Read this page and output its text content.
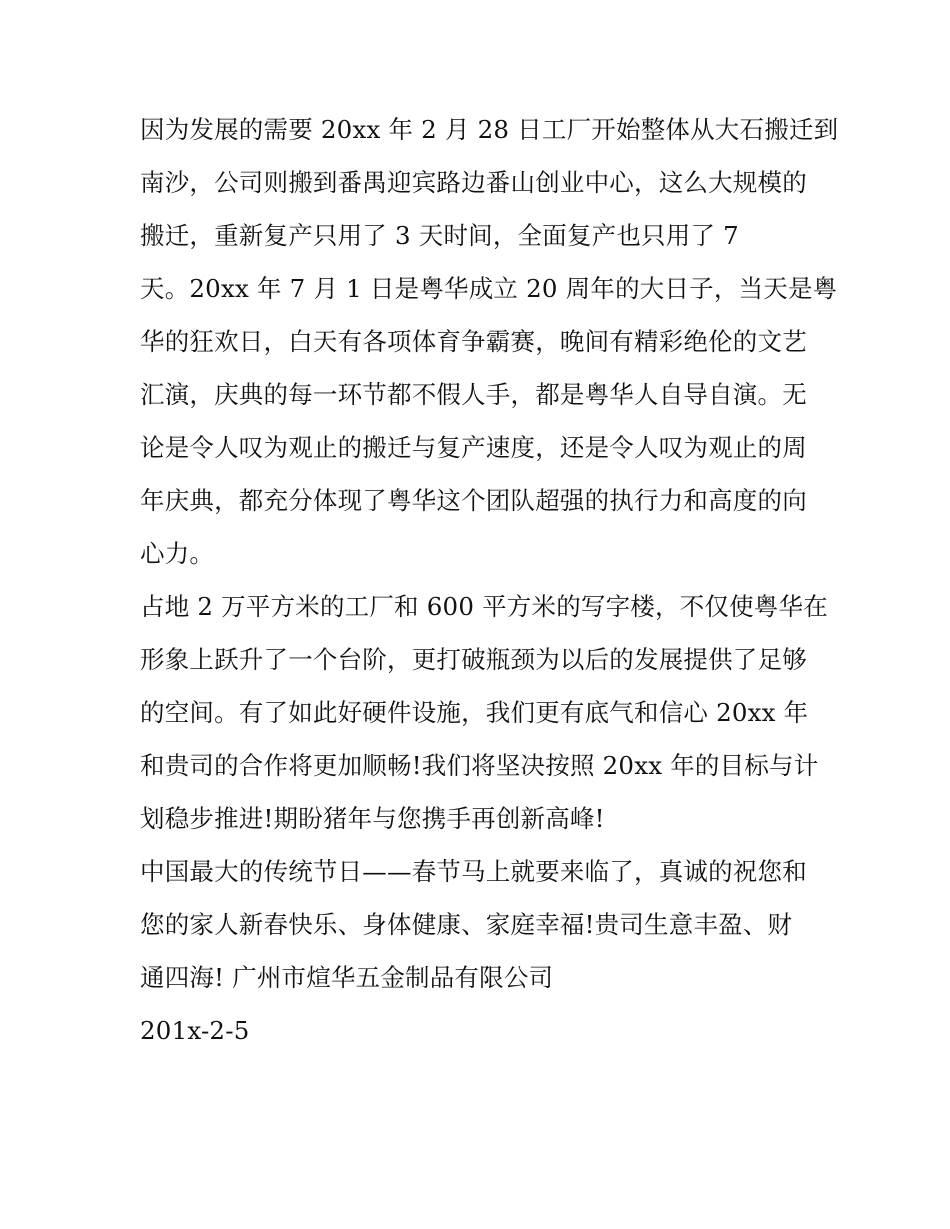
因为发展的需要 20xx 年 2 月 28 日工厂开始整体从大石搬迁到
南沙，公司则搬到番禺迎宾路边番山创业中心，这么大规模的
搬迁，重新复产只用了 3 天时间，全面复产也只用了 7
天。20xx 年 7 月 1 日是粤华成立 20 周年的大日子，当天是粤
华的狂欢日，白天有各项体育争霸赛，晚间有精彩绝伦的文艺
汇演，庆典的每一环节都不假人手，都是粤华人自导自演。无
论是令人叹为观止的搬迁与复产速度，还是令人叹为观止的周
年庆典，都充分体现了粤华这个团队超强的执行力和高度的向
心力。
占地 2 万平方米的工厂和 600 平方米的写字楼，不仅使粤华在
形象上跃升了一个台阶，更打破瓶颈为以后的发展提供了足够
的空间。有了如此好硬件设施，我们更有底气和信心 20xx 年
和贵司的合作将更加顺畅!我们将坚决按照 20xx 年的目标与计
划稳步推进!期盼猪年与您携手再创新高峰!
中国最大的传统节日——春节马上就要来临了，真诚的祝您和
您的家人新春快乐、身体健康、家庭幸福!贵司生意丰盈、财
通四海! 广州市煊华五金制品有限公司
201x-2-5
